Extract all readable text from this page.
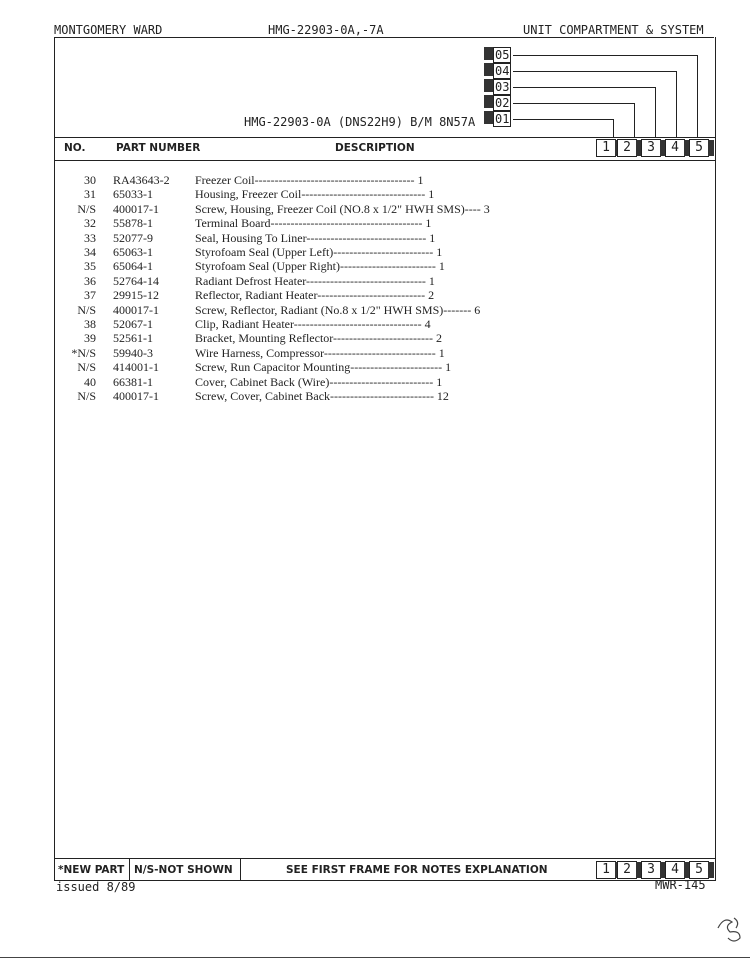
MONTGOMERY WARD	HMG-22903-0A,-7A	UNIT COMPARTMENT & SYSTEM
05
04
03
02
01
HMG-22903-0A (DNS22H9) B/M 8N57A
NO.	PART NUMBER	DESCRIPTION	1	2	3	4	5
30	RA43643-2	Freezer Coil---------------------------------------- 1
31	65033-1	Housing, Freezer Coil------------------------------- 1
N/S	400017-1	Screw, Housing, Freezer Coil (NO.8 x 1/2" HWH SMS)---- 3
32	55878-1	Terminal Board-------------------------------------- 1
33	52077-9	Seal, Housing To Liner------------------------------ 1
34	65063-1	Styrofoam Seal (Upper Left)------------------------- 1
35	65064-1	Styrofoam Seal (Upper Right)------------------------ 1
36	52764-14	Radiant Defrost Heater------------------------------ 1
37	29915-12	Reflector, Radiant Heater--------------------------- 2
N/S	400017-1	Screw, Reflector, Radiant (No.8 x 1/2" HWH SMS)------- 6
38	52067-1	Clip, Radiant Heater-------------------------------- 4
39	52561-1	Bracket, Mounting Reflector------------------------- 2
*N/S	59940-3	Wire Harness, Compressor---------------------------- 1
N/S	414001-1	Screw, Run Capacitor Mounting----------------------- 1
40	66381-1	Cover, Cabinet Back (Wire)-------------------------- 1
N/S	400017-1	Screw, Cover, Cabinet Back-------------------------- 12
*NEW PART N/S-NOT SHOWN	SEE FIRST FRAME FOR NOTES EXPLANATION	1	2	3	4	5
issued 8/89	MWR-145
